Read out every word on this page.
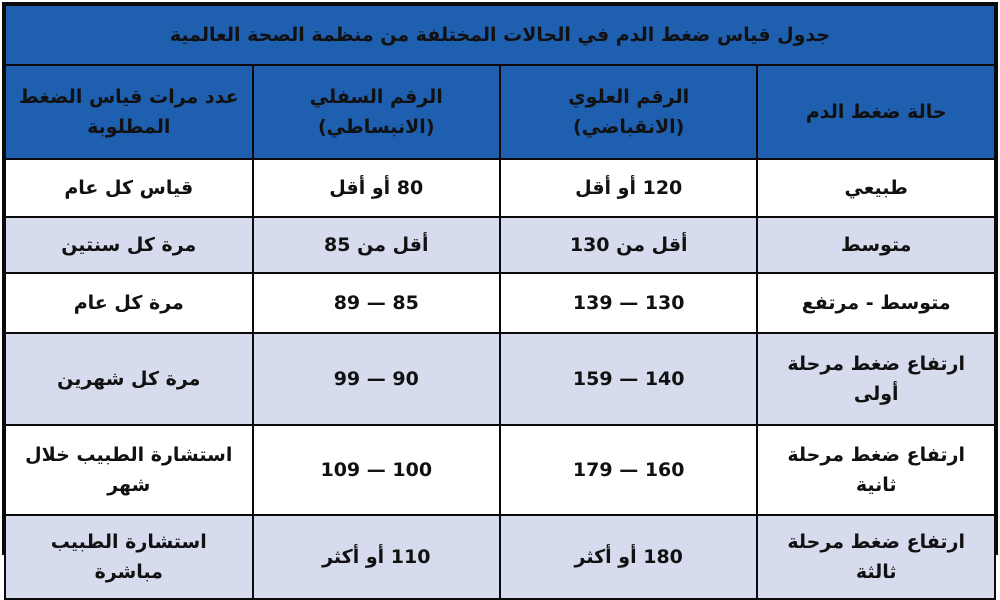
جدول قياس ضغط الدم في الحالات المختلفة من منظمة الصحة العالمية			
حالة ضغط الدم	الرقم العلوي (الانقباضي)	الرقم السفلي (الانبساطي)	عدد مرات قياس الضغط المطلوبة
طبيعي	120 أو أقل	80 أو أقل	قياس كل عام
متوسط	أقل من 130	أقل من 85	مرة كل سنتين
متوسط - مرتفع	130 — 139	85 — 89	مرة كل عام
ارتفاع ضغط مرحلة أولى	140 — 159	90 — 99	مرة كل شهرين
ارتفاع ضغط مرحلة ثانية	160 — 179	100 — 109	استشارة الطبيب خلال شهر
ارتفاع ضغط مرحلة ثالثة	180 أو أكثر	110 أو أكثر	استشارة الطبيب مباشرة
